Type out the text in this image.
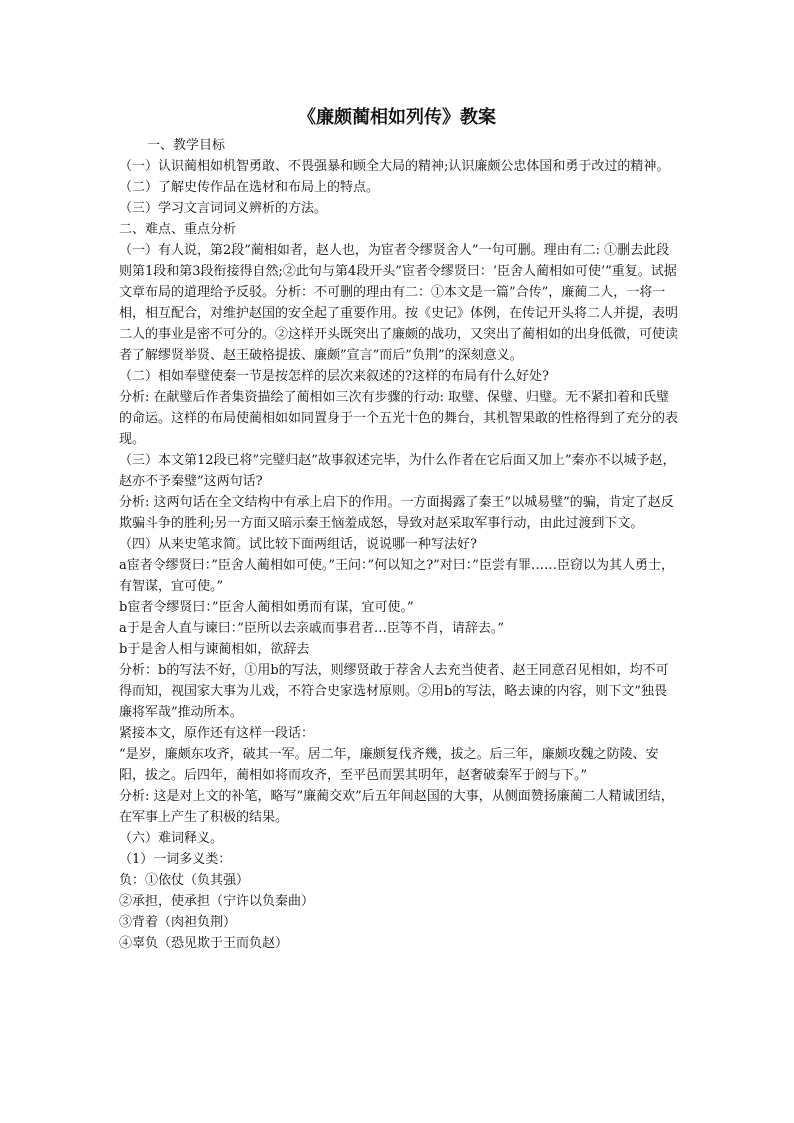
《廉颇蔺相如列传》教案

一、教学目标

（一）认识蔺相如机智勇敢、不畏强暴和顾全大局的精神;认识廉颇公忠体国和勇于改过的精神。

（二）了解史传作品在选材和布局上的特点。

（三）学习文言词词义辨析的方法。

二、难点、重点分析

（一）有人说，第2段”蔺相如者，赵人也，为宦者令缪贤舍人”一句可删。理由有二: ①删去此段则第1段和第3段衔接得自然;②此句与第4段开头”宦者令缪贤曰：‘臣舍人蔺相如可使’”重复。试据文章布局的道理给予反驳。分析：不可删的理由有二：①本文是一篇”合传”，廉蔺二人，一将一相，相互配合，对维护赵国的安全起了重要作用。按《史记》体例，在传记开头将二人并提，表明二人的事业是密不可分的。②这样开头既突出了廉颇的战功，又突出了蔺相如的出身低微，可使读者了解缪贤举贤、赵王破格提拔、廉颇”宣言”而后”负荆”的深刻意义。

（二）相如奉璧使秦一节是按怎样的层次来叙述的?这样的布局有什么好处?

分析: 在献璧后作者集资描绘了蔺相如三次有步骤的行动: 取璧、保璧、归璧。无不紧扣着和氏璧的命运。这样的布局使蔺相如如同置身于一个五光十色的舞台，其机智果敢的性格得到了充分的表现。

（三）本文第12段已将”完璧归赵”故事叙述完毕，为什么作者在它后面又加上”秦亦不以城予赵，赵亦不予秦璧”这两句话?

分析: 这两句话在全文结构中有承上启下的作用。一方面揭露了秦王”以城易璧”的骗，肯定了赵反欺骗斗争的胜利;另一方面又暗示秦王恼羞成怒，导致对赵采取军事行动，由此过渡到下文。

（四）从来史笔求简。试比较下面两组话，说说哪一种写法好?

a宦者令缪贤曰：”臣舍人蔺相如可使。”王问：”何以知之?”对曰：”臣尝有罪……臣窃以为其人勇士，有智谋，宜可使。”

b宦者令缪贤曰：”臣舍人蔺相如勇而有谋，宜可使。”

a于是舍人直与谏曰：”臣所以去亲戚而事君者…臣等不肖，请辞去。”

b于是舍人相与谏蔺相如，欲辞去

分析：b的写法不好，①用b的写法，则缪贤敢于荐舍人去充当使者、赵王同意召见相如，均不可得而知，视国家大事为儿戏，不符合史家选材原则。②用b的写法，略去谏的内容，则下文”独畏廉将军哉”推动所本。

紧接本文，原作还有这样一段话：

“是岁，廉颇东攻齐，破其一军。居二年，廉颇复伐齐幾，拔之。后三年，廉颇攻魏之防陵、安阳，拔之。后四年，蔺相如将而攻齐，至平邑而罢其明年，赵奢破秦军于阏与下。”

分析: 这是对上文的补笔，略写”廉蔺交欢”后五年间赵国的大事，从侧面赞扬廉蔺二人精诚团结，在军事上产生了积极的结果。

（六）难词释义。

（1）一词多义类：

负：①依仗（负其强）

②承担，使承担（宁许以负秦曲）

③背着（肉袒负荆）

④辜负（恐见欺于王而负赵）
